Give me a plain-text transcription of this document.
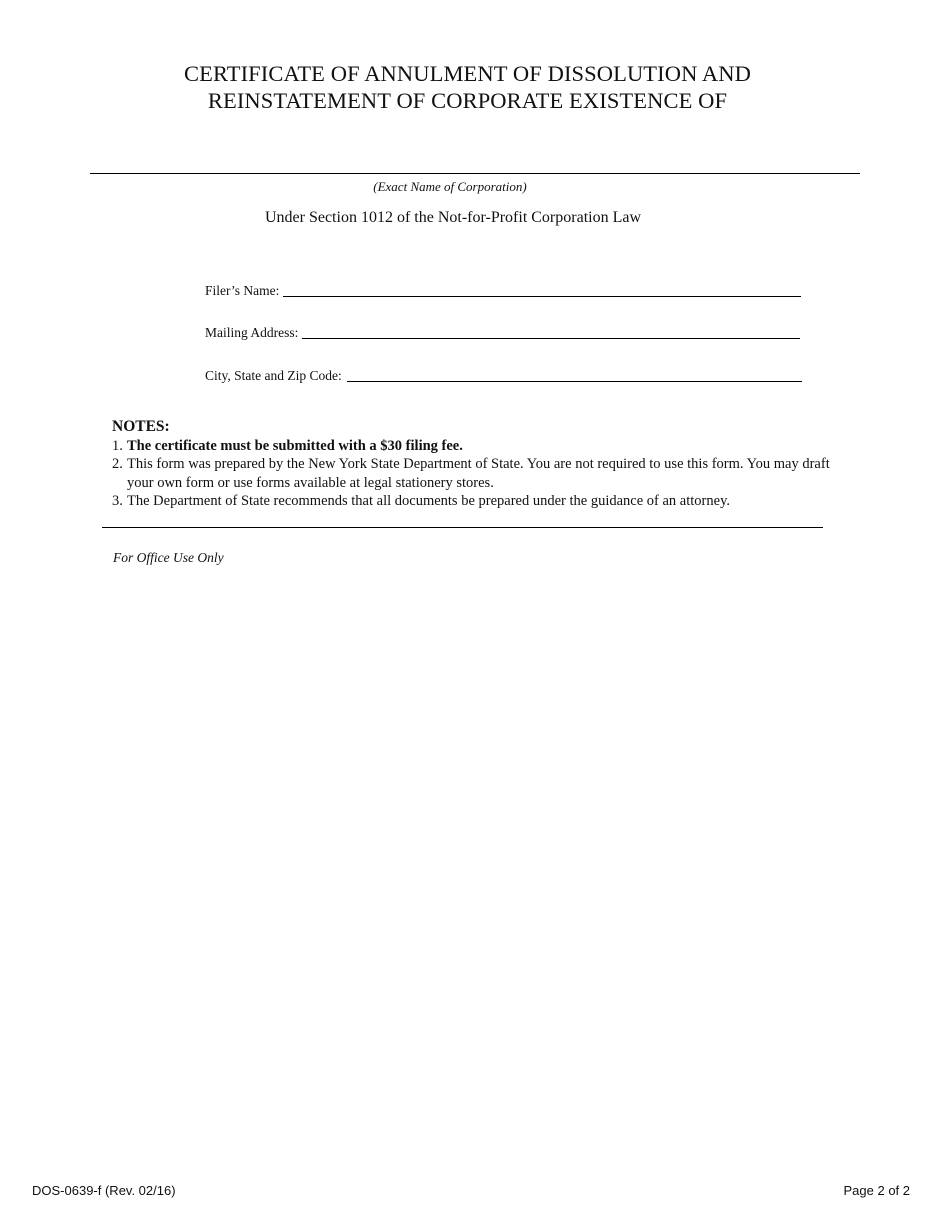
CERTIFICATE OF ANNULMENT OF DISSOLUTION AND
REINSTATEMENT OF CORPORATE EXISTENCE OF
(Exact Name of Corporation)
Under Section 1012 of the Not-for-Profit Corporation Law
Filer’s Name:
Mailing Address:
City, State and Zip Code:
NOTES:
1. The certificate must be submitted with a $30 filing fee.
2. This form was prepared by the New York State Department of State. You are not required to use this form. You may draft your own form or use forms available at legal stationery stores.
3. The Department of State recommends that all documents be prepared under the guidance of an attorney.
For Office Use Only
DOS-0639-f (Rev. 02/16)	Page 2 of 2
